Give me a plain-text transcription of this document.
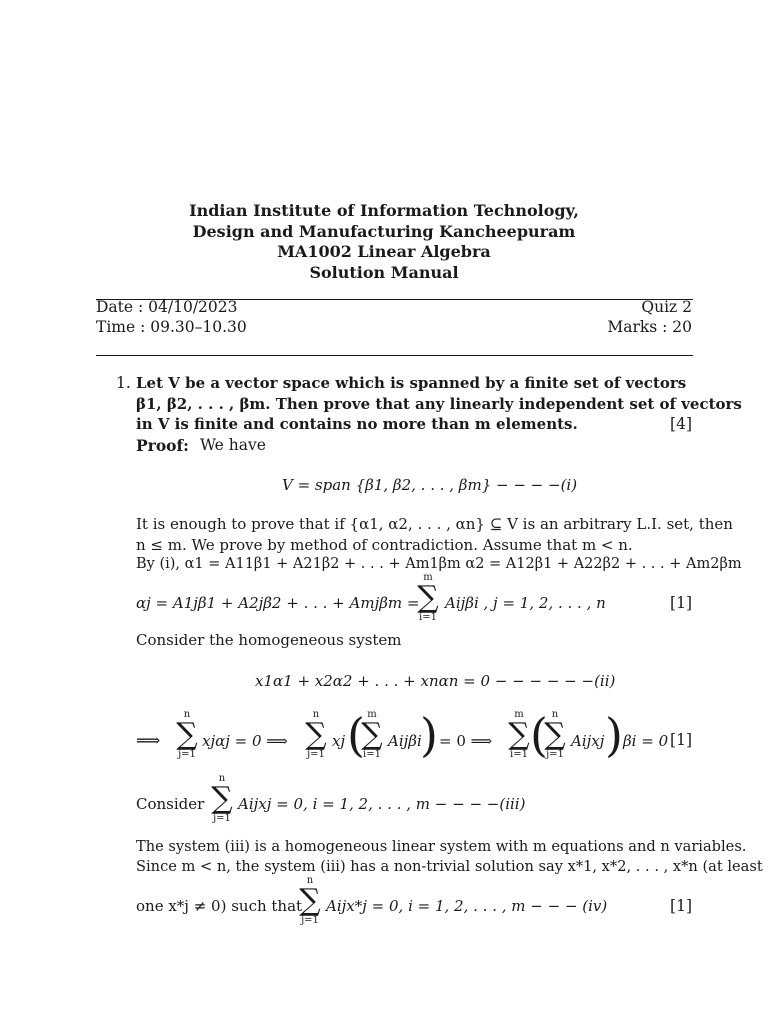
Indian Institute of Information Technology,
Design and Manufacturing Kancheepuram
MA1002 Linear Algebra
Solution Manual
Date : 04/10/2023
Time : 09.30–10.30
Quiz 2
Marks : 20
1. Let V be a vector space which is spanned by a finite set of vectors
β1, β2, . . . , βm. Then prove that any linearly independent set of vectors
in V is finite and contains no more than m elements.	[4]
Proof: We have
V = span {β1, β2, . . . , βm} − − − −(i)
It is enough to prove that if {α1, α2, . . . , αn} ⊆ V is an arbitrary L.I. set, then
n ≤ m. We prove by method of contradiction. Assume that m < n.
By (i), α1 = A11β1 + A21β2 + . . . + Am1βm α2 = A12β1 + A22β2 + . . . + Am2βm
αj = A1jβ1 + A2jβ2 + . . . + Amjβm =
m
∑
i=1
Aijβi , j = 1, 2, . . . , n	[1]
Consider the homogeneous system
x1α1 + x2α2 + . . . + xnαn = 0 − − − − − −(ii)
⟹
n
∑
j=1
xjαj = 0 ⟹
n
∑
j=1
xj ( m
∑
i=1
Aijβi
) = 0 ⟹
m
∑
i=1 ( n
∑
j=1
Aijxj ) βi = 0 [1]
Consider
n
∑
j=1
Aijxj = 0, i = 1, 2, . . . , m − − − −(iii)
The system (iii) is a homogeneous linear system with m equations and n variables.
Since m < n, the system (iii) has a non-trivial solution say x*1, x*2, . . . , x*n (at least
one x*j ≠ 0) such that
n
∑
j=1
Aijx*j = 0, i = 1, 2, . . . , m − − − (iv)	[1]
